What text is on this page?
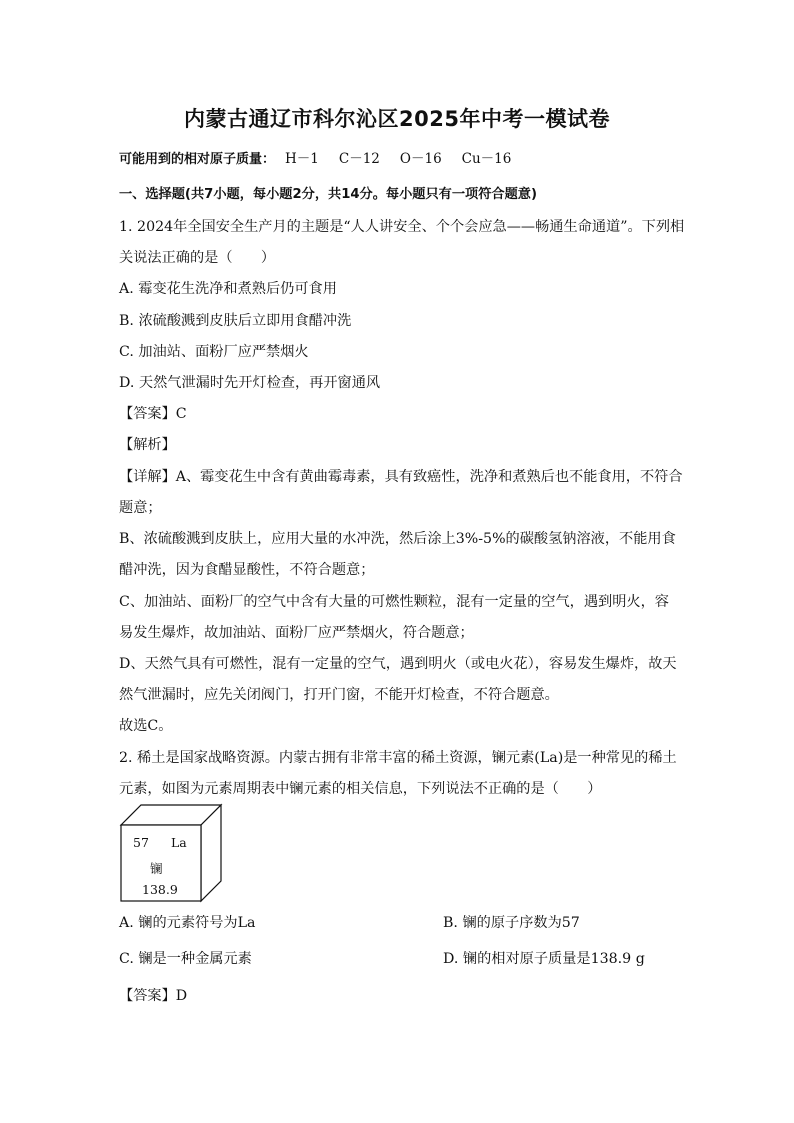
内蒙古通辽市科尔沁区2025年中考一模试卷
可能用到的相对原子质量： H－1 C－12 O－16 Cu－16
一、选择题(共7小题，每小题2分，共14分。每小题只有一项符合题意)
1. 2024年全国安全生产月的主题是“人人讲安全、个个会应急——畅通生命通道”。下列相
关说法正确的是（　　）
A. 霉变花生洗净和煮熟后仍可食用
B. 浓硫酸溅到皮肤后立即用食醋冲洗
C. 加油站、面粉厂应严禁烟火
D. 天然气泄漏时先开灯检查，再开窗通风
【答案】C
【解析】
【详解】A、霉变花生中含有黄曲霉毒素，具有致癌性，洗净和煮熟后也不能食用，不符合
题意；
B、浓硫酸溅到皮肤上，应用大量的水冲洗，然后涂上3%-5%的碳酸氢钠溶液，不能用食
醋冲洗，因为食醋显酸性，不符合题意；
C、加油站、面粉厂的空气中含有大量的可燃性颗粒，混有一定量的空气，遇到明火，容
易发生爆炸，故加油站、面粉厂应严禁烟火，符合题意；
D、天然气具有可燃性，混有一定量的空气，遇到明火（或电火花），容易发生爆炸，故天
然气泄漏时，应先关闭阀门，打开门窗，不能开灯检查，不符合题意。
故选C。
2. 稀土是国家战略资源。内蒙古拥有非常丰富的稀土资源，镧元素(La)是一种常见的稀土
元素，如图为元素周期表中镧元素的相关信息，下列说法不正确的是（　　）
57 La
镧
138.9
A. 镧的元素符号为La	B. 镧的原子序数为57
C. 镧是一种金属元素	D. 镧的相对原子质量是138.9 g
【答案】D
